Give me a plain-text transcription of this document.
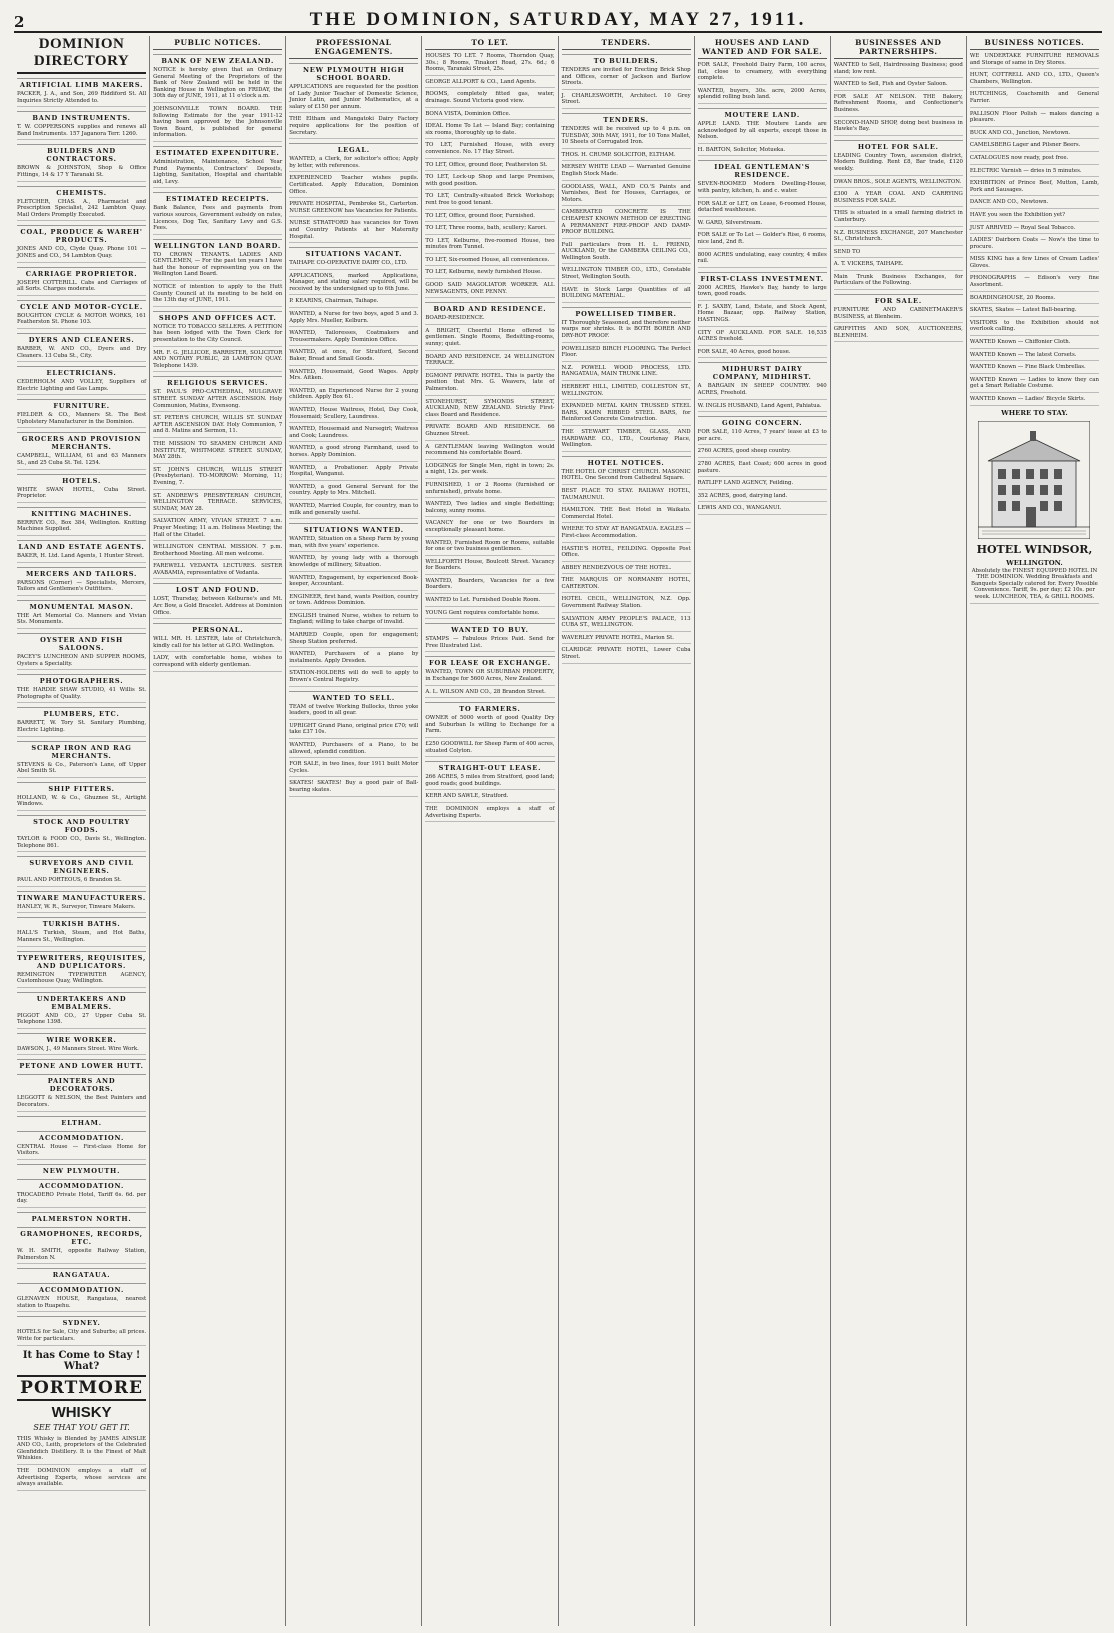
2	THE DOMINION, SATURDAY, MAY 27, 1911.
DOMINION DIRECTORY
ARTIFICIAL LIMB MAKERS.
PACKER, J. A., and Son, 269 Riddiford St. All Inquiries Strictly Attended to.
BAND INSTRUMENTS.
T. W. COPPERSONS supplies and renews all Band Instruments. 157 Jaganora Terr. 1260.
BUILDERS AND CONTRACTORS.
BROWN & JOHNSTON, Shop & Office Fittings, 14 & 17 Y Taranaki St.
CHEMISTS.
FLETCHER, CHAS. A., Pharmacist and Prescription Specialist, 242 Lambton Quay. Mail Orders Promptly Executed.
COAL, PRODUCE & WAREH' PRODUCTS.
JONES AND CO., Clyde Quay. Phone 101 — JONES and CO., 54 Lambton Quay.
CARRIAGE PROPRIETOR.
JOSEPH COTTERILL. Cabs and Carriages of all Sorts. Charges moderate.
CYCLE AND MOTOR-CYCLE.
BOUGHTON CYCLE & MOTOR WORKS, 161 Featherston St. Phone 103.
DYERS AND CLEANERS.
BARBER, W. AND CO., Dyers and Dry Cleaners. 13 Cuba St., City.
ELECTRICIANS.
CEDERHOLM AND VOLLEY, Suppliers of Electric Lighting and Gas Lamps.
FURNITURE.
FIELDER & CO., Manners St. The Best Upholstery Manufacturer in the Dominion.
GROCERS AND PROVISION MERCHANTS.
CAMPBELL, WILLIAM, 61 and 63 Manners St., and 25 Cuba St. Tel. 1254.
HOTELS.
WHITE SWAN HOTEL, Cuba Street. Proprietor.
KNITTING MACHINES.
BERRIVE CO., Box 384, Wellington. Knitting Machines Supplied.
LAND AND ESTATE AGENTS.
BAKER, H. Ltd. Land Agents, 1 Hunter Street.
MERCERS AND TAILORS.
PARSONS (Corner) — Specialists, Mercers, Tailors and Gentlemen's Outfitters.
MONUMENTAL MASON.
THE Art Memorial Co. Manners and Vivian Sts. Monuments.
OYSTER AND FISH SALOONS.
PACEY'S LUNCHEON AND SUPPER ROOMS, Oysters a Speciality.
PHOTOGRAPHERS.
THE HARDIE SHAW STUDIO, 41 Willis St. Photographs of Quality.
PLUMBERS, ETC.
BARRETT, W. Tory St. Sanitary Plumbing, Electric Lighting.
SCRAP IRON AND RAG MERCHANTS.
STEVENS & Co., Paterson's Lane, off Upper Abel Smith St.
SHIP FITTERS.
HOLLAND, W. & Co., Ghuznee St., Airtight Windows.
STOCK AND POULTRY FOODS.
TAYLOR & FOOD CO., Davis St., Wellington. Telephone 861.
SURVEYORS AND CIVIL ENGINEERS.
PAUL AND PORTEOUS, 6 Brandon St.
TINWARE MANUFACTURERS.
HANLEY, W. R., Surveyor, Tinware Makers.
TURKISH BATHS.
HALL'S Turkish, Steam, and Hot Baths, Manners St., Wellington.
TYPEWRITERS, REQUISITES, AND DUPLICATORS.
REMINGTON TYPEWRITER AGENCY, Customhouse Quay, Wellington.
UNDERTAKERS AND EMBALMERS.
PIGGOT AND CO., 27 Upper Cuba St. Telephone 1398.
WIRE WORKER.
DAWSON, J., 49 Manners Street. Wire Work.
PETONE AND LOWER HUTT.
PAINTERS AND DECORATORS.
LEGGOTT & NELSON, the Best Painters and Decorators.
ELTHAM.
ACCOMMODATION.
CENTRAL House — First-class Home for Visitors.
NEW PLYMOUTH.
ACCOMMODATION.
TROCADERO Private Hotel, Tariff 6s. 6d. per day.
PALMERSTON NORTH.
GRAMOPHONES, RECORDS, ETC.
W. H. SMITH, opposite Railway Station, Palmerston N.
RANGATAUA.
ACCOMMODATION.
GLENAVEN HOUSE, Rangataua, nearest station to Ruapehu.
SYDNEY.
HOTELS for Sale, City and Suburbs; all prices. Write for particulars.
It has Come to Stay ! What?
PORTMORE
WHISKY
SEE THAT YOU GET IT.
THIS Whisky is Blended by JAMES AINSLIE AND CO., Leith, proprietors of the Celebrated Glenfiddich Distillery. It is the Finest of Malt Whiskies.
THE DOMINION employs a staff of Advertising Experts, whose services are always available.
PUBLIC NOTICES.
BANK OF NEW ZEALAND.
NOTICE is hereby given that an Ordinary General Meeting of the Proprietors of the Bank of New Zealand will be held in the Banking House in Wellington on FRIDAY, the 30th day of JUNE, 1911, at 11 o'clock a.m.
JOHNSONVILLE TOWN BOARD. THE following Estimate for the year 1911-12 having been approved by the Johnsonville Town Board, is published for general information.
ESTIMATED EXPENDITURE.
Administration, Maintenance, School Year Fund Payments, Contractors' Deposits, Lighting, Sanitation, Hospital and charitable aid, Levy.
ESTIMATED RECEIPTS.
Bank Balance, Fees and payments from various sources, Government subsidy on rates, Licences, Dog Tax, Sanitary Levy and G.S. Fees.
WELLINGTON LAND BOARD.
TO CROWN TENANTS. LADIES AND GENTLEMEN, — For the past ten years I have had the honour of representing you on the Wellington Land Board.
NOTICE of intention to apply to the Hutt County Council at its meeting to be held on the 13th day of JUNE, 1911.
SHOPS AND OFFICES ACT.
NOTICE TO TOBACCO SELLERS. A PETITION has been lodged with the Town Clerk for presentation to the City Council.
MR. F. G. JELLICOE, BARRISTER, SOLICITOR AND NOTARY PUBLIC, 28 LAMBTON QUAY. Telephone 1439.
RELIGIOUS SERVICES.
ST. PAUL'S PRO-CATHEDRAL, MULGRAVE STREET. SUNDAY AFTER ASCENSION. Holy Communion, Matins, Evensong.
ST. PETER'S CHURCH, WILLIS ST. SUNDAY AFTER ASCENSION DAY. Holy Communion, 7 and 8. Matins and Sermon, 11.
THE MISSION TO SEAMEN CHURCH AND INSTITUTE, WHITMORE STREET. SUNDAY, MAY 28th.
ST. JOHN'S CHURCH, WILLIS STREET (Presbyterian). TO-MORROW: Morning, 11; Evening, 7.
ST. ANDREW'S PRESBYTERIAN CHURCH, WELLINGTON TERRACE. SERVICES, SUNDAY, MAY 28.
SALVATION ARMY, VIVIAN STREET. 7 a.m. Prayer Meeting; 11 a.m. Holiness Meeting; the Hall of the Citadel.
WELLINGTON CENTRAL MISSION. 7 p.m. Brotherhood Meeting. All men welcome.
FAREWELL VEDANTA LECTURES. SISTER AVABAMIA, representative of Vedanta.
LOST AND FOUND.
LOST, Thursday, between Kelburne's and Mt. Arc Bow, a Gold Bracelet. Address at Dominion Office.
PERSONAL.
WILL MR. H. LESTER, late of Christchurch, kindly call for his letter at G.P.O. Wellington.
LADY, with comfortable home, wishes to correspond with elderly gentleman.
PROFESSIONAL ENGAGEMENTS.
NEW PLYMOUTH HIGH SCHOOL BOARD.
APPLICATIONS are requested for the position of Lady Junior Teacher of Domestic Science, Junior Latin, and Junior Mathematics, at a salary of £150 per annum.
THE Eltham and Mangatoki Dairy Factory require applications for the position of Secretary.
LEGAL.
WANTED, a Clerk, for solicitor's office; Apply by letter, with references.
EXPERIENCED Teacher wishes pupils. Certificated. Apply Education, Dominion Office.
PRIVATE HOSPITAL, Pembroke St., Carterton. NURSE GREENOW has Vacancies for Patients.
NURSE STRATFORD has vacancies for Town and Country Patients at her Maternity Hospital.
SITUATIONS VACANT.
TAIHAPE CO-OPERATIVE DAIRY CO., LTD.
APPLICATIONS, marked Applications, Manager, and stating salary required, will be received by the undersigned up to 6th June.
P. KEARINS, Chairman, Taihape.
WANTED, a Nurse for two boys, aged 5 and 3. Apply Mrs. Mueller, Kelburn.
WANTED, Tailoresses, Coatmakers and Trousermakers. Apply Dominion Office.
WANTED, at once, for Stratford, Second Baker, Bread and Small Goods.
WANTED, Housemaid, Good Wages. Apply Mrs. Aitken.
WANTED, an Experienced Nurse for 2 young children. Apply Box 61.
WANTED, House Waitress, Hotel, Day Cook, Housemaid; Scullery, Laundress.
WANTED, Housemaid and Nursegirl; Waitress and Cook; Laundress.
WANTED, a good strong Farmhand, used to horses. Apply Dominion.
WANTED, a Probationer. Apply Private Hospital, Wanganui.
WANTED, a good General Servant for the country. Apply to Mrs. Mitchell.
WANTED, Married Couple, for country, man to milk and generally useful.
SITUATIONS WANTED.
WANTED, Situation on a Sheep Farm by young man, with five years' experience.
WANTED, by young lady with a thorough knowledge of millinery, Situation.
WANTED, Engagement, by experienced Book-keeper, Accountant.
ENGINEER, first hand, wants Position, country or town. Address Dominion.
ENGLISH trained Nurse, wishes to return to England; willing to take charge of invalid.
MARRIED Couple, open for engagement; Sheep Station preferred.
WANTED, Purchasers of a piano by instalments. Apply Dresden.
STATION-HOLDERS will do well to apply to Brown's Central Registry.
WANTED TO SELL.
TEAM of twelve Working Bullocks, three yoke leaders, good in all gear.
UPRIGHT Grand Piano, original price £70; will take £37 10s.
WANTED, Purchasers of a Piano, to be allowed, splendid condition.
FOR SALE, in two lines, four 1911 built Motor Cycles.
SKATES! SKATES! Buy a good pair of Ball-bearing skates.
TO LET.
HOUSES TO LET. 7 Rooms, Thorndon Quay, 30s.; 8 Rooms, Tinakori Road, 27s. 6d.; 6 Rooms, Taranaki Street, 25s.
GEORGE ALLPORT & CO., Land Agents.
ROOMS, completely fitted gas, water, drainage. Sound Victoria good view.
BONA VISTA, Dominion Office.
IDEAL Home To Let — Island Bay; containing six rooms, thoroughly up to date.
TO LET, Furnished House, with every convenience. No. 17 Hay Street.
TO LET, Office, ground floor, Featherston St.
TO LET, Lock-up Shop and large Premises, with good position.
TO LET, Centrally-situated Brick Workshop; rent free to good tenant.
TO LET, Office, ground floor, Furnished.
TO LET, Three rooms, bath, scullery; Karori.
TO LET, Kelburne, five-roomed House, two minutes from Tunnel.
TO LET, Six-roomed House, all conveniences.
TO LET, Kelburne, newly furnished House.
GOOD SAID MAGOLIATOR WORKER. ALL NEWSAGENTS, ONE PENNY.
BOARD AND RESIDENCE.
BOARD-RESIDENCE.
A BRIGHT, Cheerful Home offered to gentlemen. Single Rooms, Bedsitting-rooms, sunny; quiet.
BOARD AND RESIDENCE. 24 WELLINGTON TERRACE.
EGMONT PRIVATE HOTEL. This is partly the position that Mrs. G. Weavers, late of Palmerston.
STONEHURST, SYMONDS STREET, AUCKLAND, NEW ZEALAND. Strictly First-class Board and Residence.
PRIVATE BOARD AND RESIDENCE. 66 Ghuznee Street.
A GENTLEMAN leaving Wellington would recommend his comfortable Board.
LODGINGS for Single Men, right in town; 2s. a night, 12s. per week.
FURNISHED, 1 or 2 Rooms (furnished or unfurnished), private home.
WANTED, Two ladies and single Bedsitting; balcony, sunny rooms.
VACANCY for one or two Boarders in exceptionally pleasant home.
WANTED, Furnished Room or Rooms, suitable for one or two business gentlemen.
WELLFORTH House, Boulcott Street. Vacancy for Boarders.
WANTED, Boarders, Vacancies for a few Boarders.
WANTED to Let. Furnished Double Room.
YOUNG Gent requires comfortable home.
WANTED TO BUY.
STAMPS — Fabulous Prices Paid. Send for Free Illustrated List.
FOR LEASE OR EXCHANGE.
WANTED, TOWN OR SUBURBAN PROPERTY, in Exchange for 5600 Acres, New Zealand.
A. L. WILSON AND CO., 28 Brandon Street.
TO FARMERS.
OWNER of 5000 worth of good Quality Dry and Suburban Is willing to Exchange for a Farm.
£250 GOODWILL for Sheep Farm of 400 acres, situated Colyton.
STRAIGHT-OUT LEASE.
266 ACRES, 5 miles from Stratford, good land; good roads; good buildings.
KERR AND SAWLE, Stratford.
THE DOMINION employs a staff of Advertising Experts.
TENDERS.
TO BUILDERS.
TENDERS are invited for Erecting Brick Shop and Offices, corner of Jackson and Barlow Streets.
J. CHARLESWORTH, Architect. 10 Grey Street.
TENDERS.
TENDERS will be received up to 4 p.m. on TUESDAY, 30th MAY, 1911, for 10 Tons Mallet, 10 Sheets of Corrugated Iron.
THOS. H. CRUMP. SOLICITOR, ELTHAM.
MERSEY WHITE LEAD — Warranted Genuine English Stock Made.
GOODLASS, WALL, AND CO.'S Paints and Varnishes, Best for Houses, Carriages, or Motors.
CAMBERATED CONCRETE IS THE CHEAPEST KNOWN METHOD OF ERECTING A PERMANENT FIRE-PROOF AND DAMP-PROOF BUILDING.
Full particulars from H. L. FRIEND, AUCKLAND, Or the CAMBERA CEILING CO., Wellington South.
WELLINGTON TIMBER CO., LTD., Constable Street, Wellington South.
HAVE in Stock Large Quantities of all BUILDING MATERIAL.
POWELLISED TIMBER.
IT Thoroughly Seasoned, and therefore neither warps nor shrinks. It is BOTH BORER AND DRY-ROT PROOF.
POWELLISED BIRCH FLOORING. The Perfect Floor.
N.Z. POWELL WOOD PROCESS, LTD. RANGATAUA, MAIN TRUNK LINE.
HERBERT HILL, LIMITED, COLLESTON ST., WELLINGTON.
EXPANDED METAL KAHN TRUSSED STEEL BARS, KAHN RIBBED STEEL BARS, for Reinforced Concrete Construction.
THE STEWART TIMBER, GLASS, AND HARDWARE CO., LTD., Courtenay Place, Wellington.
HOTEL NOTICES.
THE HOTEL OF CHRIST CHURCH. MASONIC HOTEL. One Second from Cathedral Square.
BEST PLACE TO STAY. RAILWAY HOTEL, TAUMARUNUI.
HAMILTON. THE Best Hotel in Waikato. Commercial Hotel.
WHERE TO STAY AT RANGATAUA. EAGLES — First-class Accommodation.
HASTIE'S HOTEL, FEILDING. Opposite Post Office.
ABBEY RENDEZVOUS OF THE HOTEL.
THE MARQUIS OF NORMANBY HOTEL, CARTERTON.
HOTEL CECIL, WELLINGTON, N.Z. Opp. Government Railway Station.
SALVATION ARMY PEOPLE'S PALACE, 113 CUBA ST., WELLINGTON.
WAVERLEY PRIVATE HOTEL, Marion St.
CLARIDGE PRIVATE HOTEL, Lower Cuba Street.
HOUSES AND LAND WANTED AND FOR SALE.
FOR SALE, Freehold Dairy Farm, 100 acres, flat, close to creamery, with everything complete.
WANTED, buyers, 30s. acre, 2000 Acres, splendid rolling bush land.
MOUTERE LAND.
APPLE LAND. THE Moutere Lands are acknowledged by all experts, except those in Nelson.
H. BARTON, Solicitor, Motueka.
IDEAL GENTLEMAN'S RESIDENCE.
SEVEN-ROOMED Modern Dwelling-House, with pantry, kitchen, h. and c. water.
FOR SALE or LET, on Lease, 6-roomed House, detached washhouse.
W. GARD, Silverstream.
FOR SALE or To Let — Golder's Rise, 6 rooms, nice land, 2nd ft.
8000 ACRES undulating, easy country, 4 miles rail.
FIRST-CLASS INVESTMENT.
2000 ACRES, Hawke's Bay, handy to large town, good roads.
F. J. SAXBY, Land, Estate, and Stock Agent, Home Bazaar, opp. Railway Station, HASTINGS.
CITY OF AUCKLAND. FOR SALE. 16,535 ACRES freehold.
FOR SALE, 40 Acres, good house.
MIDHURST DAIRY COMPANY, MIDHIRST.
A BARGAIN IN SHEEP COUNTRY. 940 ACRES, Freehold.
W. INGLIS HUSBAND, Land Agent, Pahiatua.
GOING CONCERN.
FOR SALE, 110 Acres, 7 years' lease at £3 to per acre.
2760 ACRES, good sheep country.
2780 ACRES, East Coast; 600 acres in good pasture.
RATLIFF LAND AGENCY, Feilding.
352 ACRES, good, dairying land.
LEWIS AND CO., WANGANUI.
BUSINESSES AND PARTNERSHIPS.
WANTED to Sell, Hairdressing Business; good stand; low rent.
WANTED to Sell, Fish and Oyster Saloon.
FOR SALE AT NELSON. THE Bakery, Refreshment Rooms, and Confectioner's Business.
SECOND-HAND SHOP, doing best business in Hawke's Bay.
HOTEL FOR SALE.
LEADING Country Town, ascension district, Modern Building. Rent £8, Bar trade, £120 weekly.
DWAN BROS., SOLE AGENTS, WELLINGTON.
£300 A YEAR COAL AND CARRYING BUSINESS FOR SALE.
THIS is situated in a small farming district in Canterbury.
N.Z. BUSINESS EXCHANGE, 207 Manchester St., Christchurch.
SEND TO
A. T. VICKERS, TAIHAPE.
Main Trunk Business Exchanges, for Particulars of the Following.
FOR SALE.
FURNITURE AND CABINETMAKER'S BUSINESS, at Blenheim.
GRIFFITHS AND SON, AUCTIONEERS, BLENHEIM.
BUSINESS NOTICES.
WE UNDERTAKE FURNITURE REMOVALS and Storage of same in Dry Stores.
HUNT, COTTRELL AND CO., LTD., Queen's Chambers, Wellington.
HUTCHINGS, Coachsmith and General Farrier.
PALLISON Floor Polish — makes dancing a pleasure.
BUCK AND CO., Junction, Newtown.
CAMELSBERG Lager and Pilsner Beers.
CATALOGUES now ready, post free.
ELECTRIC Varnish — dries in 5 minutes.
EXHIBITION of Prince Beef, Mutton, Lamb, Pork and Sausages.
DANCE AND CO., Newtown.
HAVE you seen the Exhibition yet?
JUST ARRIVED — Royal Seal Tobacco.
LADIES' Dairborn Coats — Now's the time to procure.
MISS KING has a few Lines of Cream Ladies' Gloves.
PHONOGRAPHS — Edison's very fine Assortment.
BOARDINGHOUSE, 20 Rooms.
SKATES, Skates — Latest Ball-bearing.
VISITORS to the Exhibition should not overlook calling.
WANTED Known — Chiffonier Cloth.
WANTED Known — The latest Corsets.
WANTED Known — Fine Black Umbrellas.
WANTED Known — Ladies to know they can get a Smart Reliable Costume.
WANTED Known — Ladies' Bicycle Skirts.
WHERE TO STAY.
HOTEL WINDSOR,
WELLINGTON.
Absolutely the FINEST EQUIPPED HOTEL IN THE DOMINION. Wedding Breakfasts and Banquets Specially catered for. Every Possible Convenience. Tariff, 9s. per day; £2 10s. per week. LUNCHEON, TEA, & GRILL ROOMS.
